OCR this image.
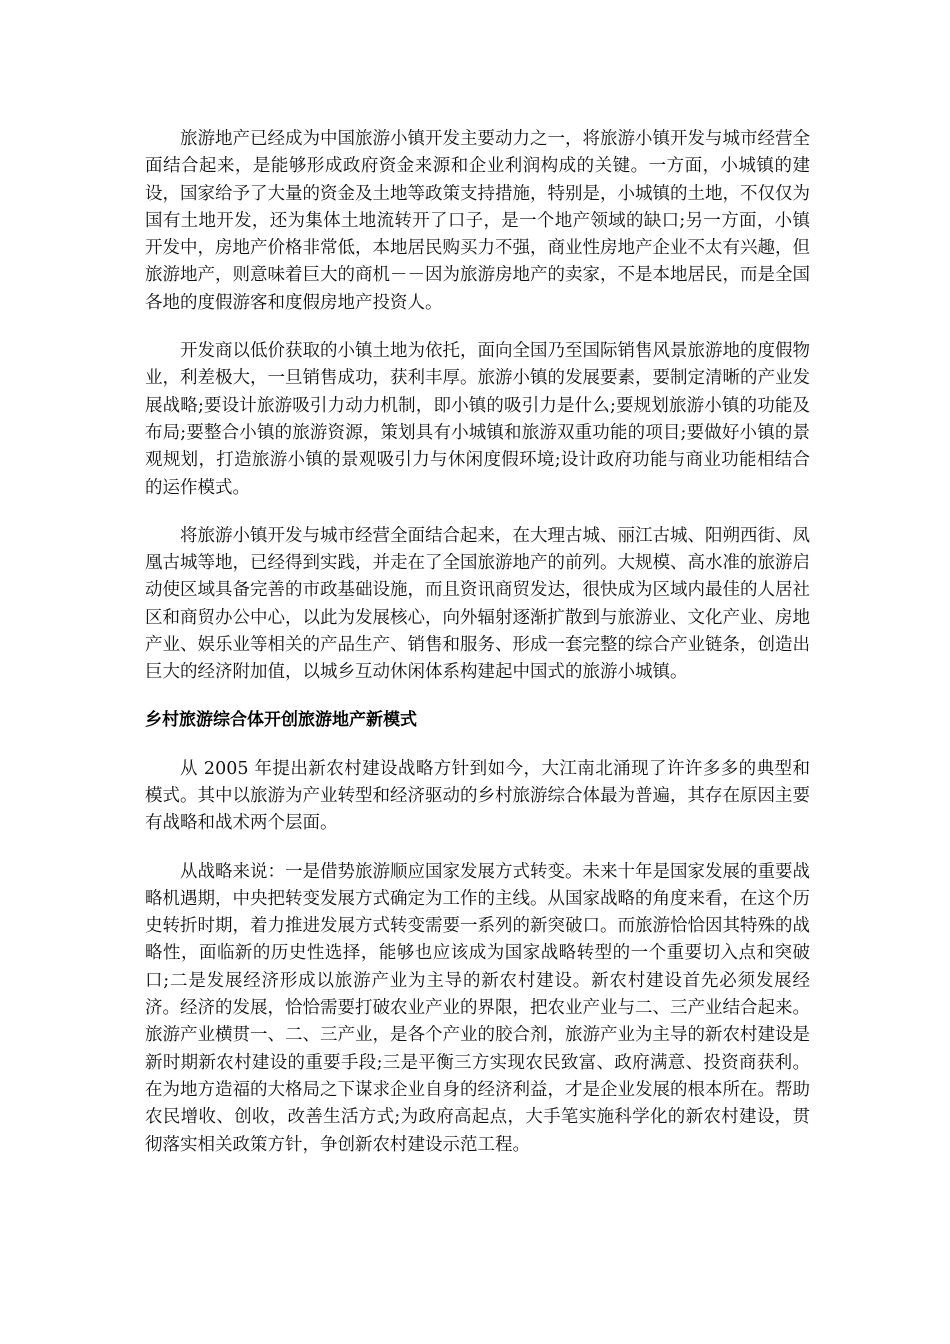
旅游地产已经成为中国旅游小镇开发主要动力之一，将旅游小镇开发与城市经营全面结合起来，是能够形成政府资金来源和企业利润构成的关键。一方面，小城镇的建设，国家给予了大量的资金及土地等政策支持措施，特别是，小城镇的土地，不仅仅为国有土地开发，还为集体土地流转开了口子，是一个地产领域的缺口;另一方面，小镇开发中，房地产价格非常低，本地居民购买力不强，商业性房地产企业不太有兴趣，但旅游地产，则意味着巨大的商机－－因为旅游房地产的卖家，不是本地居民，而是全国各地的度假游客和度假房地产投资人。

开发商以低价获取的小镇土地为依托，面向全国乃至国际销售风景旅游地的度假物业，利差极大，一旦销售成功，获利丰厚。旅游小镇的发展要素，要制定清晰的产业发展战略;要设计旅游吸引力动力机制，即小镇的吸引力是什么;要规划旅游小镇的功能及布局;要整合小镇的旅游资源，策划具有小城镇和旅游双重功能的项目;要做好小镇的景观规划，打造旅游小镇的景观吸引力与休闲度假环境;设计政府功能与商业功能相结合的运作模式。

将旅游小镇开发与城市经营全面结合起来，在大理古城、丽江古城、阳朔西街、凤凰古城等地，已经得到实践，并走在了全国旅游地产的前列。大规模、高水准的旅游启动使区域具备完善的市政基础设施，而且资讯商贸发达，很快成为区域内最佳的人居社区和商贸办公中心，以此为发展核心，向外辐射逐渐扩散到与旅游业、文化产业、房地产业、娱乐业等相关的产品生产、销售和服务、形成一套完整的综合产业链条，创造出巨大的经济附加值，以城乡互动休闲体系构建起中国式的旅游小城镇。

乡村旅游综合体开创旅游地产新模式

从 2005 年提出新农村建设战略方针到如今，大江南北涌现了许许多多的典型和模式。其中以旅游为产业转型和经济驱动的乡村旅游综合体最为普遍，其存在原因主要有战略和战术两个层面。

从战略来说：一是借势旅游顺应国家发展方式转变。未来十年是国家发展的重要战略机遇期，中央把转变发展方式确定为工作的主线。从国家战略的角度来看，在这个历史转折时期，着力推进发展方式转变需要一系列的新突破口。而旅游恰恰因其特殊的战略性，面临新的历史性选择，能够也应该成为国家战略转型的一个重要切入点和突破口;二是发展经济形成以旅游产业为主导的新农村建设。新农村建设首先必须发展经济。经济的发展，恰恰需要打破农业产业的界限，把农业产业与二、三产业结合起来。旅游产业横贯一、二、三产业，是各个产业的胶合剂，旅游产业为主导的新农村建设是新时期新农村建设的重要手段;三是平衡三方实现农民致富、政府满意、投资商获利。在为地方造福的大格局之下谋求企业自身的经济利益，才是企业发展的根本所在。帮助农民增收、创收，改善生活方式;为政府高起点，大手笔实施科学化的新农村建设，贯彻落实相关政策方针，争创新农村建设示范工程。
